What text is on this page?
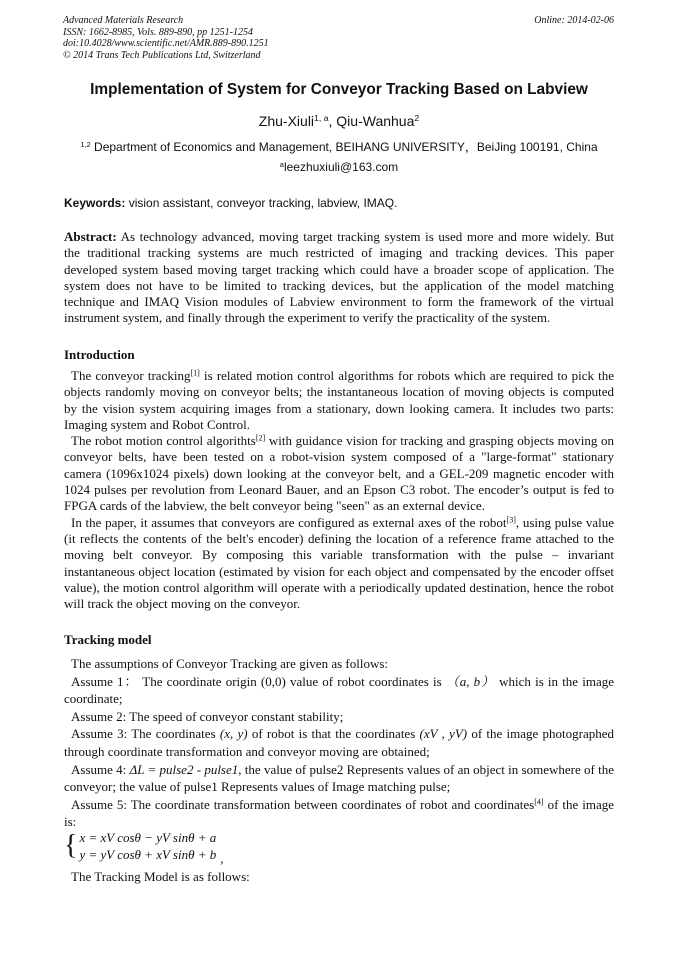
Advanced Materials Research
ISSN: 1662-8985, Vols. 889-890, pp 1251-1254
doi:10.4028/www.scientific.net/AMR.889-890.1251
© 2014 Trans Tech Publications Ltd, Switzerland
Online: 2014-02-06
Implementation of System for Conveyor Tracking Based on Labview
Zhu-Xiuli$^{1, a}$, Qiu-Wanhua$^2$
$^{1,2}$ Department of Economics and Management, BEIHANG UNIVERSITY，BeiJing 100191, China
$^a$leezhuxiuli@163.com
Keywords: vision assistant, conveyor tracking, labview, IMAQ.

Abstract: As technology advanced, moving target tracking system is used more and more widely. But the traditional tracking systems are much restricted of imaging and tracking devices. This paper developed system based moving target tracking which could have a broader scope of application. The system does not have to be limited to tracking devices, but the application of the model matching technique and IMAQ Vision modules of Labview environment to form the framework of the virtual instrument system, and finally through the experiment to verify the practicality of the system.

Introduction

The conveyor tracking[1] is related motion control algorithms for robots which are required to pick the objects randomly moving on conveyor belts; the instantaneous location of moving objects is computed by the vision system acquiring images from a stationary, down looking camera. It includes two parts: Imaging system and Robot Control.

The robot motion control algorithts[2] with guidance vision for tracking and grasping objects moving on conveyor belts, have been tested on a robot-vision system composed of a "large-format" stationary camera (1096x1024 pixels) down looking at the conveyor belt, and a GEL-209 magnetic encoder with 1024 pulses per revolution from Leonard Bauer, and an Epson C3 robot. The encoder’s output is fed to FPGA cards of the labview, the belt conveyor being "seen" as an external device.

In the paper, it assumes that conveyors are configured as external axes of the robot[3], using pulse value (it reflects the contents of the belt's encoder) defining the location of a reference frame attached to the moving belt conveyor. By composing this variable transformation with the pulse – invariant instantaneous object location (estimated by vision for each object and compensated by the encoder offset value), the motion control algorithm will operate with a periodically updated destination, hence the robot will track the object moving on the conveyor.

Tracking model

The assumptions of Conveyor Tracking are given as follows:

Assume 1： The coordinate origin (0,0) value of robot coordinates is （a, b） which is in the image coordinate;

Assume 2: The speed of conveyor constant stability;

Assume 3: The coordinates (x, y) of robot is that the coordinates (xV , yV) of the image photographed through coordinate transformation and conveyor moving are obtained;

Assume 4: ΔL = pulse2 - pulse1, the value of pulse2 Represents values of an object in somewhere of the conveyor; the value of pulse1 Represents values of Image matching pulse;

Assume 5: The coordinate transformation between coordinates of robot and coordinates[4] of the image is:

{ x = xV cosθ − yV sinθ + a
y = yV cosθ + xV sinθ + b ,

The Tracking Model is as follows:
